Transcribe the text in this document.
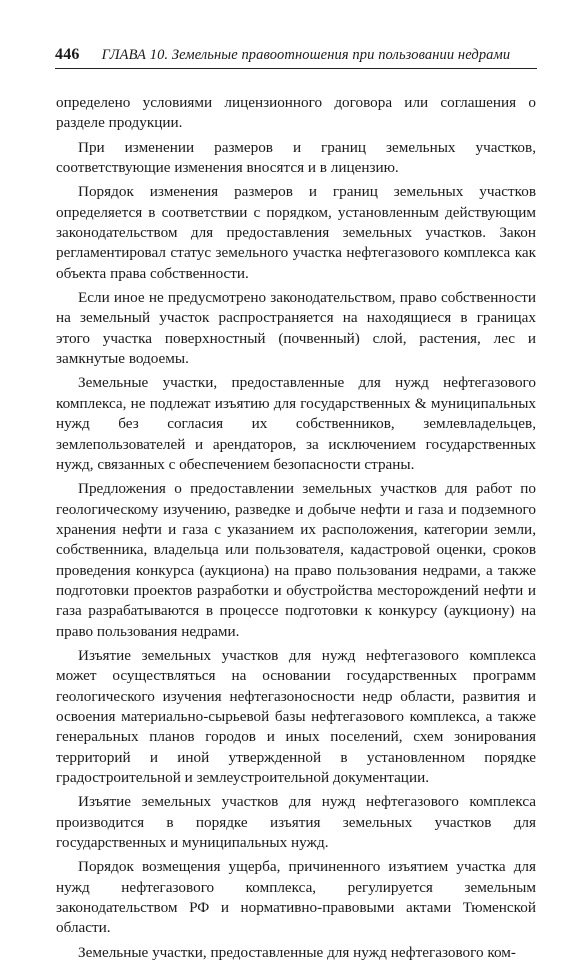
446 ГЛАВА 10. Земельные правоотношения при пользовании недрами

определено условиями лицензионного договора или соглашения о разделе продукции.

При изменении размеров и границ земельных участков, соответствующие изменения вносятся и в лицензию.

Порядок изменения размеров и границ земельных участков определяется в соответствии с порядком, установленным действующим законодательством для предоставления земельных участков. Закон регламентировал статус земельного участка нефтегазового комплекса как объекта права собственности.

Если иное не предусмотрено законодательством, право собственности на земельный участок распространяется на находящиеся в границах этого участка поверхностный (почвенный) слой, растения, лес и замкнутые водоемы.

Земельные участки, предоставленные для нужд нефтегазового комплекса, не подлежат изъятию для государственных & муниципальных нужд без согласия их собственников, землевладельцев, землепользователей и арендаторов, за исключением государственных нужд, связанных с обеспечением безопасности страны.

Предложения о предоставлении земельных участков для работ по геологическому изучению, разведке и добыче нефти и газа и подземного хранения нефти и газа с указанием их расположения, категории земли, собственника, владельца или пользователя, кадастровой оценки, сроков проведения конкурса (аукциона) на право пользования недрами, а также подготовки проектов разработки и обустройства месторождений нефти и газа разрабатываются в процессе подготовки к конкурсу (аукциону) на право пользования недрами.

Изъятие земельных участков для нужд нефтегазового комплекса может осуществляться на основании государственных программ геологического изучения нефтегазоносности недр области, развития и освоения материально-сырьевой базы нефтегазового комплекса, а также генеральных планов городов и иных поселений, схем зонирования территорий и иной утвержденной в установленном порядке градостроительной и землеустроительной документации.

Изъятие земельных участков для нужд нефтегазового комплекса производится в порядке изъятия земельных участков для государственных и муниципальных нужд.

Порядок возмещения ущерба, причиненного изъятием участка для нужд нефтегазового комплекса, регулируется земельным законодательством РФ и нормативно-правовыми актами Тюменской области.

Земельные участки, предоставленные для нужд нефтегазового ком-
